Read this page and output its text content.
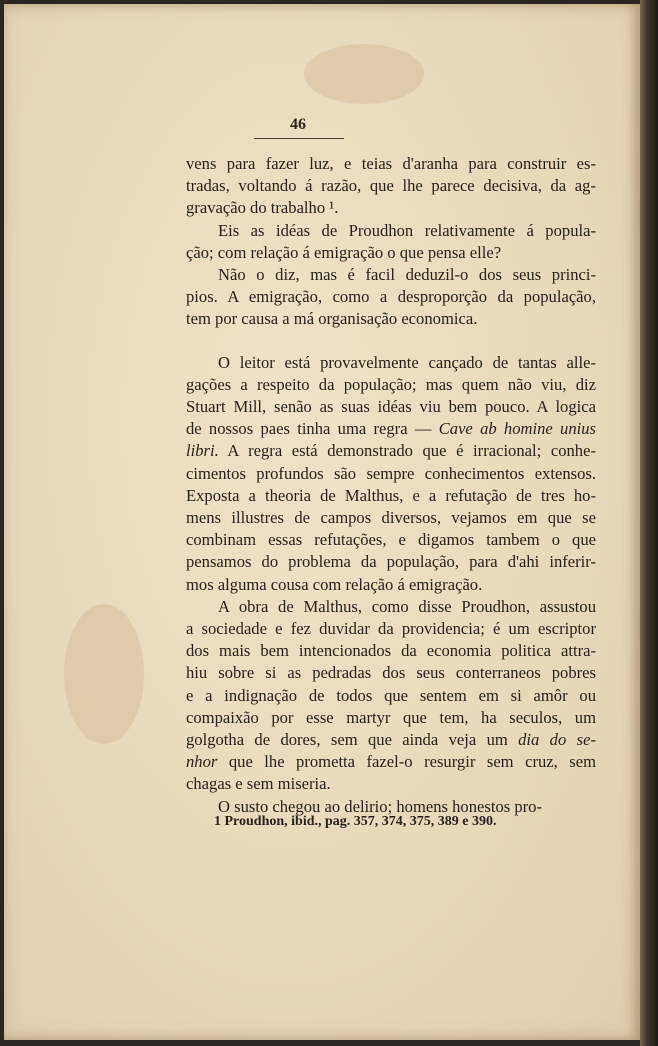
46
vens para fazer luz, e teias d'aranha para construir es-
tradas, voltando á razão, que lhe parece decisiva, da ag-
gravação do trabalho ¹.
Eis as idéas de Proudhon relativamente á popula-
ção; com relação á emigração o que pensa elle?
Não o diz, mas é facil deduzil-o dos seus princi-
pios. A emigração, como a desproporção da população,
tem por causa a má organisação economica.
O leitor está provavelmente cançado de tantas alle-
gações a respeito da população; mas quem não viu, diz
Stuart Mill, senão as suas idéas viu bem pouco. A logica
de nossos paes tinha uma regra — Cave ab homine unius
libri. A regra está demonstrado que é irracional; conhe-
cimentos profundos são sempre conhecimentos extensos.
Exposta a theoria de Malthus, e a refutação de tres ho-
mens illustres de campos diversos, vejamos em que se
combinam essas refutações, e digamos tambem o que
pensamos do problema da população, para d'ahi inferir-
mos alguma cousa com relação á emigração.
A obra de Malthus, como disse Proudhon, assustou
a sociedade e fez duvidar da providencia; é um escriptor
dos mais bem intencionados da economia politica attra-
hiu sobre si as pedradas dos seus conterraneos pobres
e a indignação de todos que sentem em si amôr ou
compaixão por esse martyr que tem, ha seculos, um
golgotha de dores, sem que ainda veja um dia do se-
nhor que lhe prometta fazel-o resurgir sem cruz, sem
chagas e sem miseria.
O susto chegou ao delirio; homens honestos pro-
1 Proudhon, ibid., pag. 357, 374, 375, 389 e 390.
